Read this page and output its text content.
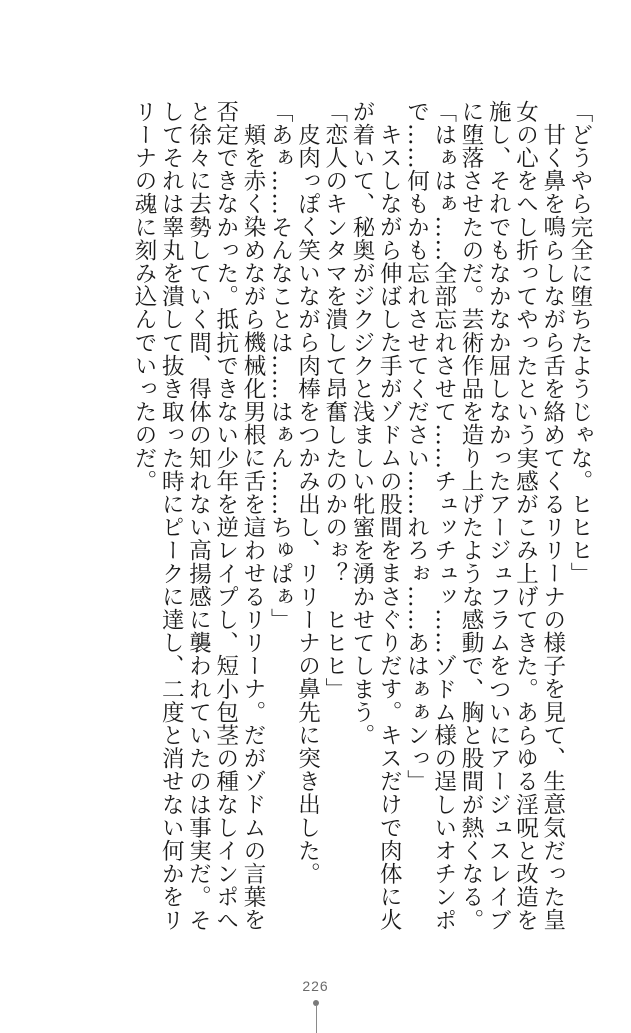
「どうやら完全に堕ちたようじゃな。ヒヒヒ」

甘く鼻を鳴らしながら舌を絡めてくるリリーナの様子を見て、生意気だった皇女の心をへし折ってやったという実感がこみ上げてきた。あらゆる淫呪と改造を施し、それでもなかなか屈しなかったアージュフラムをついにアージュスレイブに堕落させたのだ。芸術作品を造り上げたような感動で、胸と股間が熱くなる。

「はぁはぁ……全部忘れさせて……チュッチュッ……ゾドム様の逞しいオチンポで……何もかも忘れさせてください……れろぉ……あはぁぁンっ」

キスしながら伸ばした手がゾドムの股間をまさぐりだす。キスだけで肉体に火が着いて、秘奥がジクジクと浅ましい牝蜜を湧かせてしまう。

「恋人のキンタマを潰して昂奮したのかのぉ？　ヒヒヒ」

皮肉っぽく笑いながら肉棒をつかみ出し、リリーナの鼻先に突き出した。

「あぁ……そんなことは……はぁん……ちゅぱぁ」

頬を赤く染めながら機械化男根に舌を這わせるリリーナ。だがゾドムの言葉を否定できなかった。抵抗できない少年を逆レイプし、短小包茎の種なしインポへと徐々に去勢していく間、得体の知れない高揚感に襲われていたのは事実だ。そしてそれは睾丸を潰して抜き取った時にピークに達し、二度と消せない何かをリリーナの魂に刻み込んでいったのだ。

226
